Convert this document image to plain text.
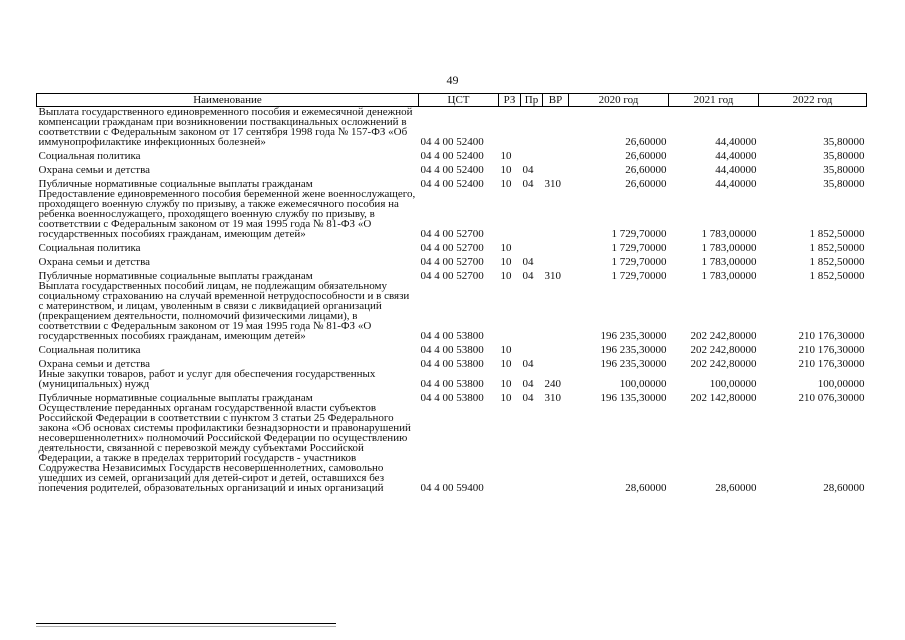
49
Наименование	ЦСТ	РЗ	Пр	ВР	2020 год	2021 год	2022 год
Выплата государственного единовременного пособия и ежемесячной денежной компенсации гражданам при возникновении поствакцинальных осложнений в соответствии с Федеральным законом от 17 сентября 1998 года № 157-ФЗ «Об иммунопрофилактике инфекционных болезней»	04 4 00 52400				26,60000	44,40000	35,80000
Социальная политика	04 4 00 52400	10			26,60000	44,40000	35,80000
Охрана семьи и детства	04 4 00 52400	10	04		26,60000	44,40000	35,80000
Публичные нормативные социальные выплаты гражданам	04 4 00 52400	10	04	310	26,60000	44,40000	35,80000
Предоставление единовременного пособия беременной жене военнослужащего, проходящего военную службу по призыву, а также ежемесячного пособия на ребенка военнослужащего, проходящего военную службу по призыву, в соответствии с Федеральным законом от 19 мая 1995 года № 81-ФЗ «О государственных пособиях гражданам, имеющим детей»	04 4 00 52700				1 729,70000	1 783,00000	1 852,50000
Социальная политика	04 4 00 52700	10			1 729,70000	1 783,00000	1 852,50000
Охрана семьи и детства	04 4 00 52700	10	04		1 729,70000	1 783,00000	1 852,50000
Публичные нормативные социальные выплаты гражданам	04 4 00 52700	10	04	310	1 729,70000	1 783,00000	1 852,50000
Выплата государственных пособий лицам, не подлежащим обязательному социальному страхованию на случай временной нетрудоспособности и в связи с материнством, и лицам, уволенным в связи с ликвидацией организаций (прекращением деятельности, полномочий физическими лицами), в соответствии с Федеральным законом от 19 мая 1995 года № 81-ФЗ «О государственных пособиях гражданам, имеющим детей»	04 4 00 53800				196 235,30000	202 242,80000	210 176,30000
Социальная политика	04 4 00 53800	10			196 235,30000	202 242,80000	210 176,30000
Охрана семьи и детства	04 4 00 53800	10	04		196 235,30000	202 242,80000	210 176,30000
Иные закупки товаров, работ и услуг для обеспечения государственных (муниципальных) нужд	04 4 00 53800	10	04	240	100,00000	100,00000	100,00000
Публичные нормативные социальные выплаты гражданам	04 4 00 53800	10	04	310	196 135,30000	202 142,80000	210 076,30000
Осуществление переданных органам государственной власти субъектов Российской Федерации в соответствии с пунктом 3 статьи 25 Федерального закона «Об основах системы профилактики безнадзорности и правонарушений несовершеннолетних» полномочий Российской Федерации по осуществлению деятельности, связанной с перевозкой между субъектами Российской Федерации, а также в пределах территорий государств - участников Содружества Независимых Государств несовершеннолетних, самовольно ушедших из семей, организаций для детей-сирот и детей, оставшихся без попечения родителей, образовательных организаций и иных организаций	04 4 00 59400				28,60000	28,60000	28,60000
